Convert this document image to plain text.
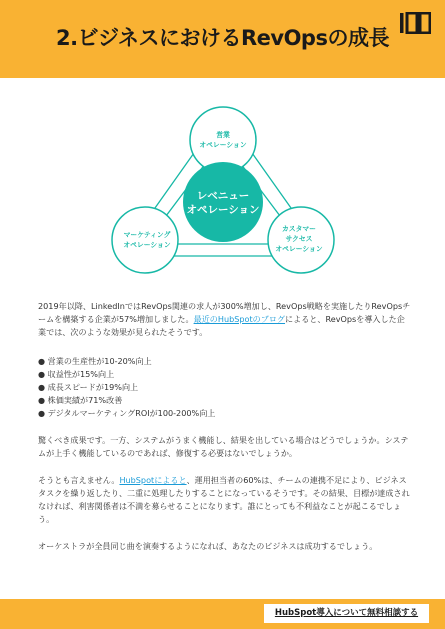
2.ビジネスにおけるRevOpsの成長
レベニュー
オペレーション
営業
オペレーション
マーケティング
オペレーション
カスタマー
サクセス
オペレーション

2019年以降、LinkedInではRevOps関連の求人が300%増加し、RevOps戦略を実施したりRevOpsチームを構築する企業が57%増加しました。最近のHubSpotのブログによると、RevOpsを導入した企業では、次のような効果が見られたそうです。

● 営業の生産性が10-20%向上
● 収益性が15%向上
● 成長スピードが19%向上
● 株価実績が71%改善
● デジタルマーケティングROIが100-200%向上

驚くべき成果です。一方、システムがうまく機能し、結果を出している場合はどうでしょうか。システムが上手く機能しているのであれば、修復する必要はないでしょうか。

そうとも言えません。HubSpotによると、運用担当者の60%は、チームの連携不足により、ビジネスタスクを繰り返したり、二重に処理したりすることになっているそうです。その結果、目標が達成されなければ、利害関係者は不満を募らせることになります。誰にとっても不利益なことが起こるでしょう。

オーケストラが全員同じ曲を演奏するようになれば、あなたのビジネスは成功するでしょう。

HubSpot導入について無料相談する
